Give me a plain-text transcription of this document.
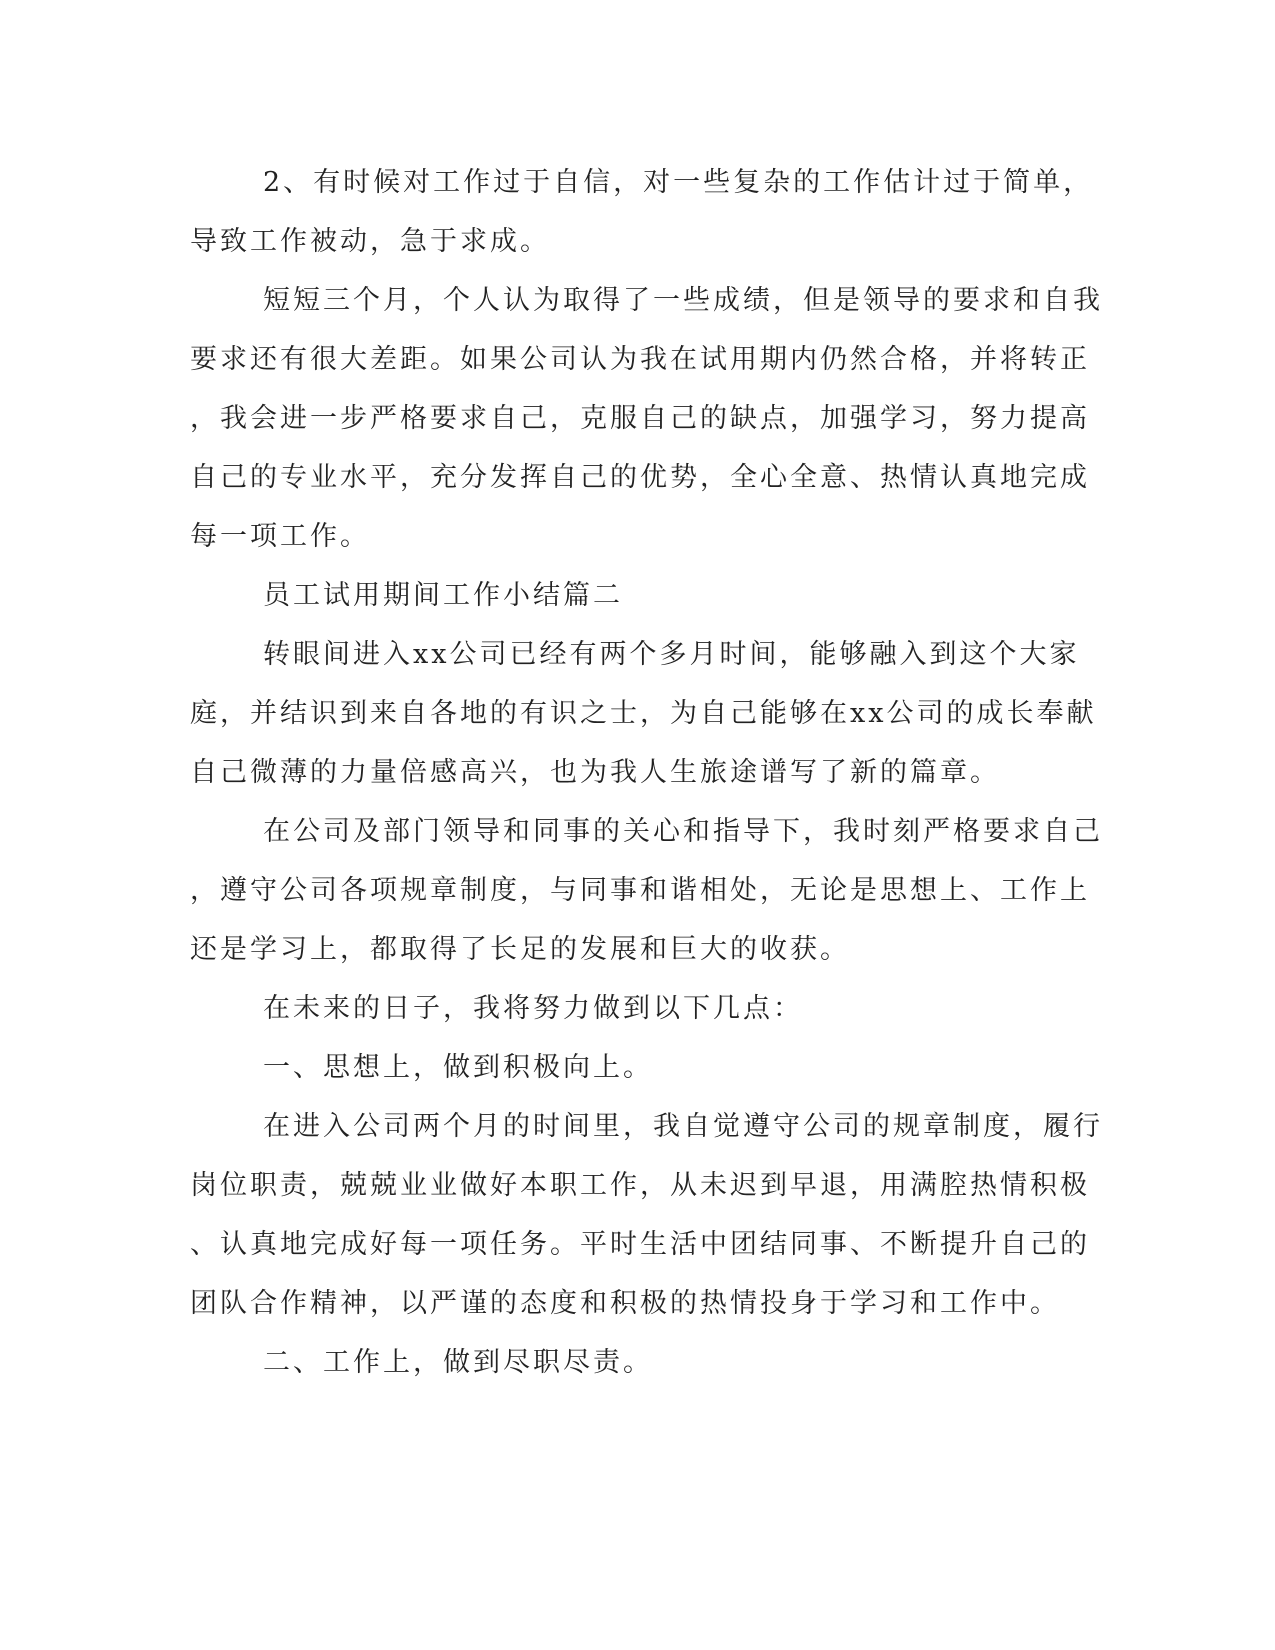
2、有时候对工作过于自信，对一些复杂的工作估计过于简单，

导致工作被动，急于求成。

短短三个月，个人认为取得了一些成绩，但是领导的要求和自我

要求还有很大差距。如果公司认为我在试用期内仍然合格，并将转正

，我会进一步严格要求自己，克服自己的缺点，加强学习，努力提高

自己的专业水平，充分发挥自己的优势，全心全意、热情认真地完成

每一项工作。

员工试用期间工作小结篇二

转眼间进入xx公司已经有两个多月时间，能够融入到这个大家

庭，并结识到来自各地的有识之士，为自己能够在xx公司的成长奉献

自己微薄的力量倍感高兴，也为我人生旅途谱写了新的篇章。

在公司及部门领导和同事的关心和指导下，我时刻严格要求自己

，遵守公司各项规章制度，与同事和谐相处，无论是思想上、工作上

还是学习上，都取得了长足的发展和巨大的收获。

在未来的日子，我将努力做到以下几点：

一、思想上，做到积极向上。

在进入公司两个月的时间里，我自觉遵守公司的规章制度，履行

岗位职责，兢兢业业做好本职工作，从未迟到早退，用满腔热情积极

、认真地完成好每一项任务。平时生活中团结同事、不断提升自己的

团队合作精神，以严谨的态度和积极的热情投身于学习和工作中。

二、工作上，做到尽职尽责。
